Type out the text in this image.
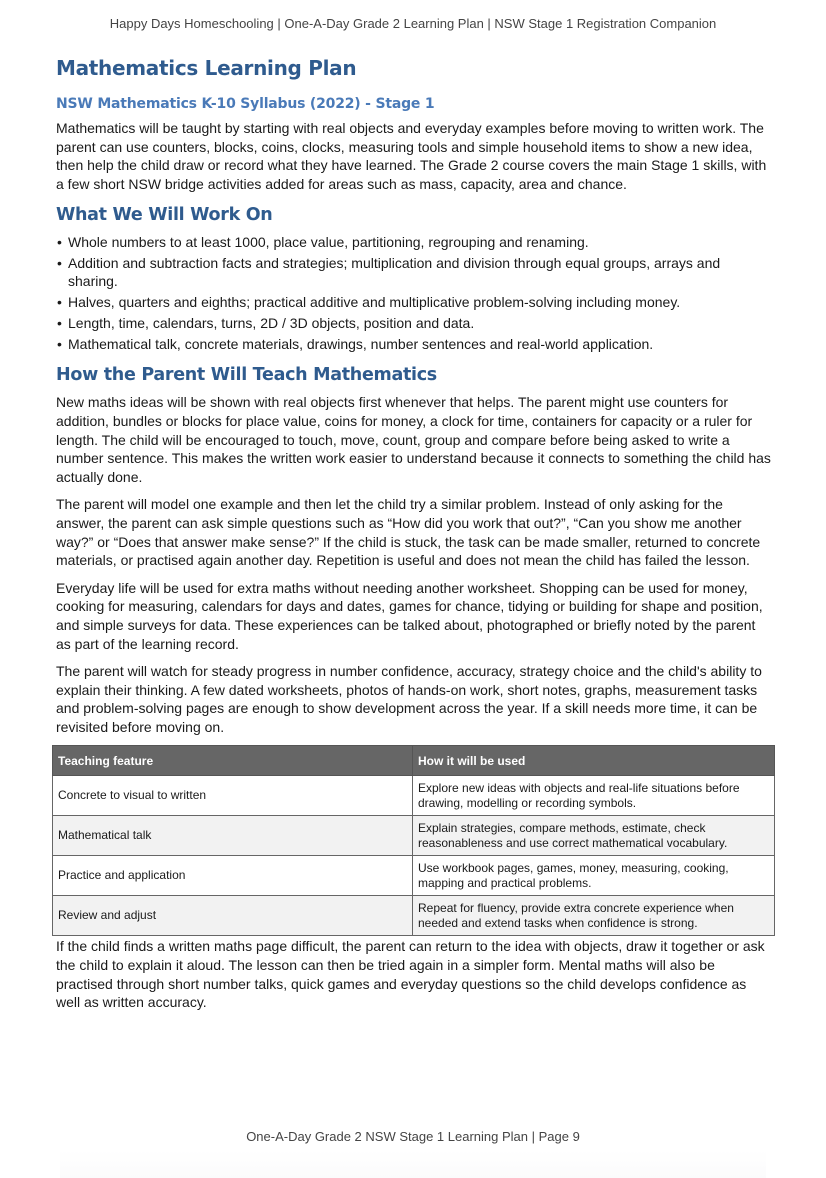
Happy Days Homeschooling | One-A-Day Grade 2 Learning Plan | NSW Stage 1 Registration Companion
Mathematics Learning Plan
NSW Mathematics K-10 Syllabus (2022) - Stage 1

Mathematics will be taught by starting with real objects and everyday examples before moving to written work. The parent can use counters, blocks, coins, clocks, measuring tools and simple household items to show a new idea, then help the child draw or record what they have learned. The Grade 2 course covers the main Stage 1 skills, with a few short NSW bridge activities added for areas such as mass, capacity, area and chance.

What We Will Work On
• Whole numbers to at least 1000, place value, partitioning, regrouping and renaming.
• Addition and subtraction facts and strategies; multiplication and division through equal groups, arrays and sharing.
• Halves, quarters and eighths; practical additive and multiplicative problem-solving including money.
• Length, time, calendars, turns, 2D / 3D objects, position and data.
• Mathematical talk, concrete materials, drawings, number sentences and real-world application.
How the Parent Will Teach Mathematics

New maths ideas will be shown with real objects first whenever that helps. The parent might use counters for addition, bundles or blocks for place value, coins for money, a clock for time, containers for capacity or a ruler for length. The child will be encouraged to touch, move, count, group and compare before being asked to write a number sentence. This makes the written work easier to understand because it connects to something the child has actually done.

The parent will model one example and then let the child try a similar problem. Instead of only asking for the answer, the parent can ask simple questions such as “How did you work that out?”, “Can you show me another way?” or “Does that answer make sense?” If the child is stuck, the task can be made smaller, returned to concrete materials, or practised again another day. Repetition is useful and does not mean the child has failed the lesson.

Everyday life will be used for extra maths without needing another worksheet. Shopping can be used for money, cooking for measuring, calendars for days and dates, games for chance, tidying or building for shape and position, and simple surveys for data. These experiences can be talked about, photographed or briefly noted by the parent as part of the learning record.

The parent will watch for steady progress in number confidence, accuracy, strategy choice and the child's ability to explain their thinking. A few dated worksheets, photos of hands-on work, short notes, graphs, measurement tasks and problem-solving pages are enough to show development across the year. If a skill needs more time, it can be revisited before moving on.

Teaching feature	How it will be used
Concrete to visual to written	Explore new ideas with objects and real-life situations before drawing, modelling or recording symbols.
Mathematical talk	Explain strategies, compare methods, estimate, check reasonableness and use correct mathematical vocabulary.
Practice and application	Use workbook pages, games, money, measuring, cooking, mapping and practical problems.
Review and adjust	Repeat for fluency, provide extra concrete experience when needed and extend tasks when confidence is strong.

If the child finds a written maths page difficult, the parent can return to the idea with objects, draw it together or ask the child to explain it aloud. The lesson can then be tried again in a simpler form. Mental maths will also be practised through short number talks, quick games and everyday questions so the child develops confidence as well as written accuracy.

One-A-Day Grade 2 NSW Stage 1 Learning Plan | Page 9
